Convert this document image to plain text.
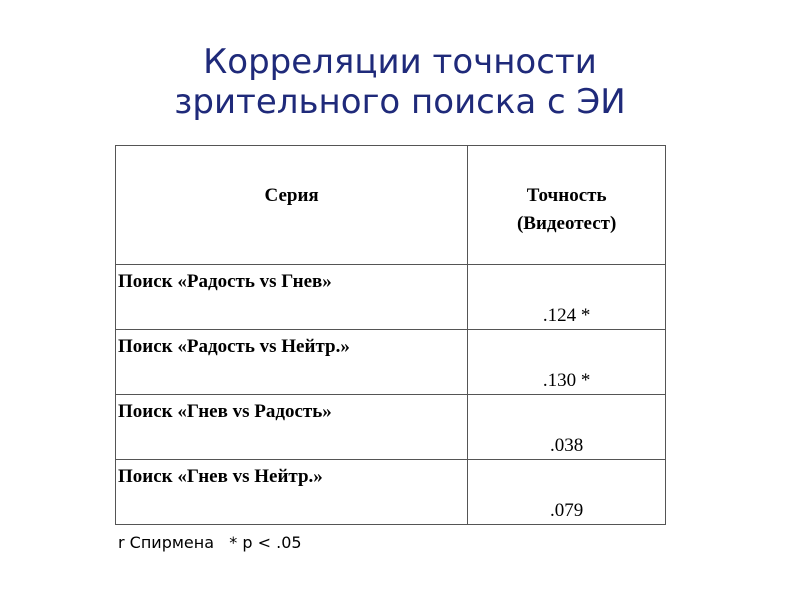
Корреляции точности
зрительного поиска с ЭИ
Серия	Точность
(Видеотест)

Поиск «Радость vs Гнев»	.124 *
Поиск «Радость vs Нейтр.»	.130 *
Поиск «Гнев vs Радость»	.038
Поиск «Гнев vs Нейтр.»	.079
r Спирмена   * p < .05
